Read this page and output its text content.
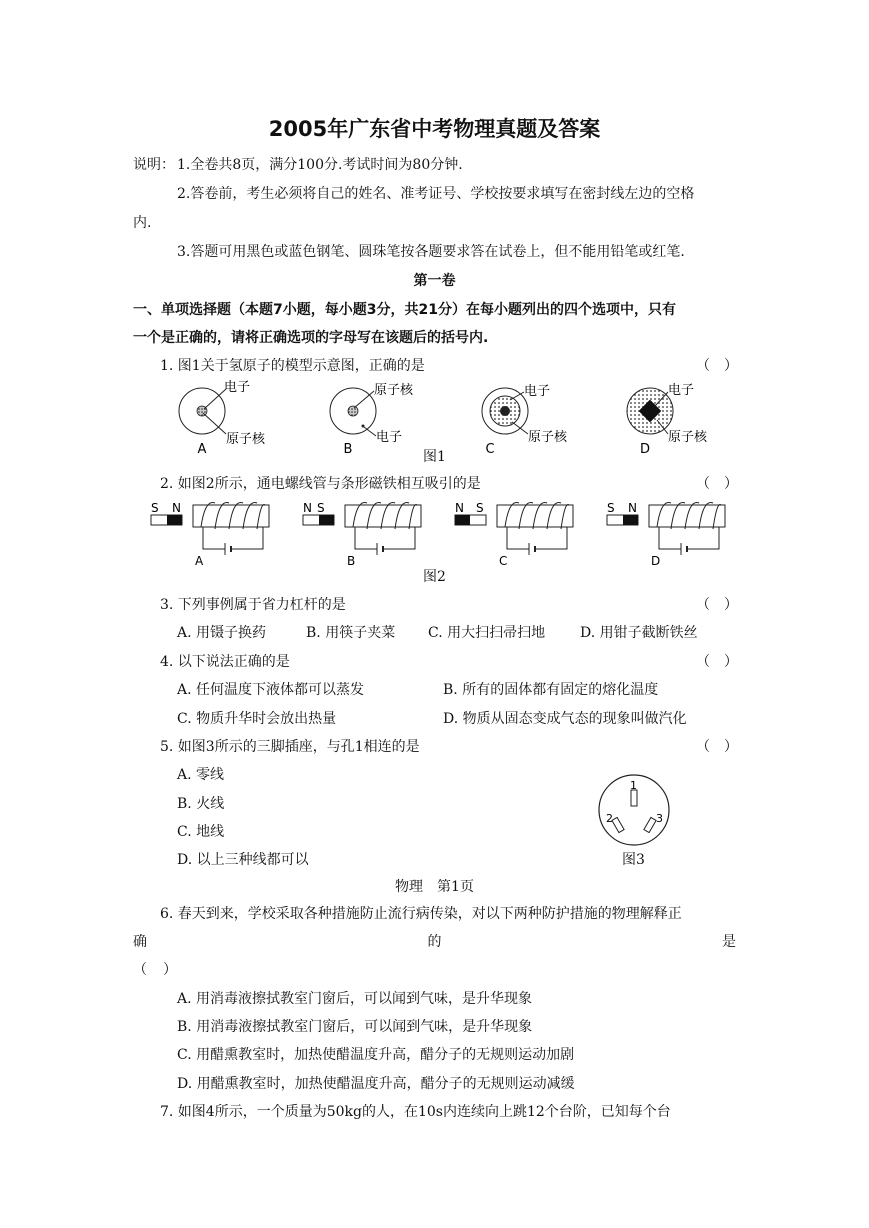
2005年广东省中考物理真题及答案
说明： 1.全卷共8页，满分100分.考试时间为80分钟.
2.答卷前，考生必须将自己的姓名、准考证号、学校按要求填写在密封线左边的空格
内.
3.答题可用黑色或蓝色钢笔、圆珠笔按各题要求答在试卷上，但不能用铅笔或红笔.
第一卷
一、单项选择题（本题7小题，每小题3分，共21分）在每小题列出的四个选项中，只有
一个是正确的，请将正确选项的字母写在该题后的括号内.
1. 图1关于氢原子的模型示意图，正确的是	（ ）
电子
原子核
A
原子核
电子
B
电子
原子核
C
电子
原子核
D
图1
2. 如图2所示，通电螺线管与条形磁铁相互吸引的是	（ ）
S N
A
N S
B
N S
C
S N
D
图2
3. 下列事例属于省力杠杆的是	（ ）
A. 用镊子换药	B. 用筷子夹菜 C. 用大扫扫帚扫地 D. 用钳子截断铁丝
4. 以下说法正确的是	（ ）
A. 任何温度下液体都可以蒸发	B. 所有的固体都有固定的熔化温度
C. 物质升华时会放出热量	D. 物质从固态变成气态的现象叫做汽化
5. 如图3所示的三脚插座，与孔1相连的是	（ ）
A. 零线
B. 火线
C. 地线
D. 以上三种线都可以
1
2	3
图3
物理　第1页
6. 春天到来，学校采取各种措施防止流行病传染，对以下两种防护措施的物理解释正
确	的	是
（ ）
A. 用消毒液擦拭教室门窗后，可以闻到气味，是升华现象
B. 用消毒液擦拭教室门窗后，可以闻到气味，是升华现象
C. 用醋熏教室时，加热使醋温度升高，醋分子的无规则运动加剧
D. 用醋熏教室时，加热使醋温度升高，醋分子的无规则运动减缓
7. 如图4所示，一个质量为50kg的人，在10s内连续向上跳12个台阶，已知每个台
